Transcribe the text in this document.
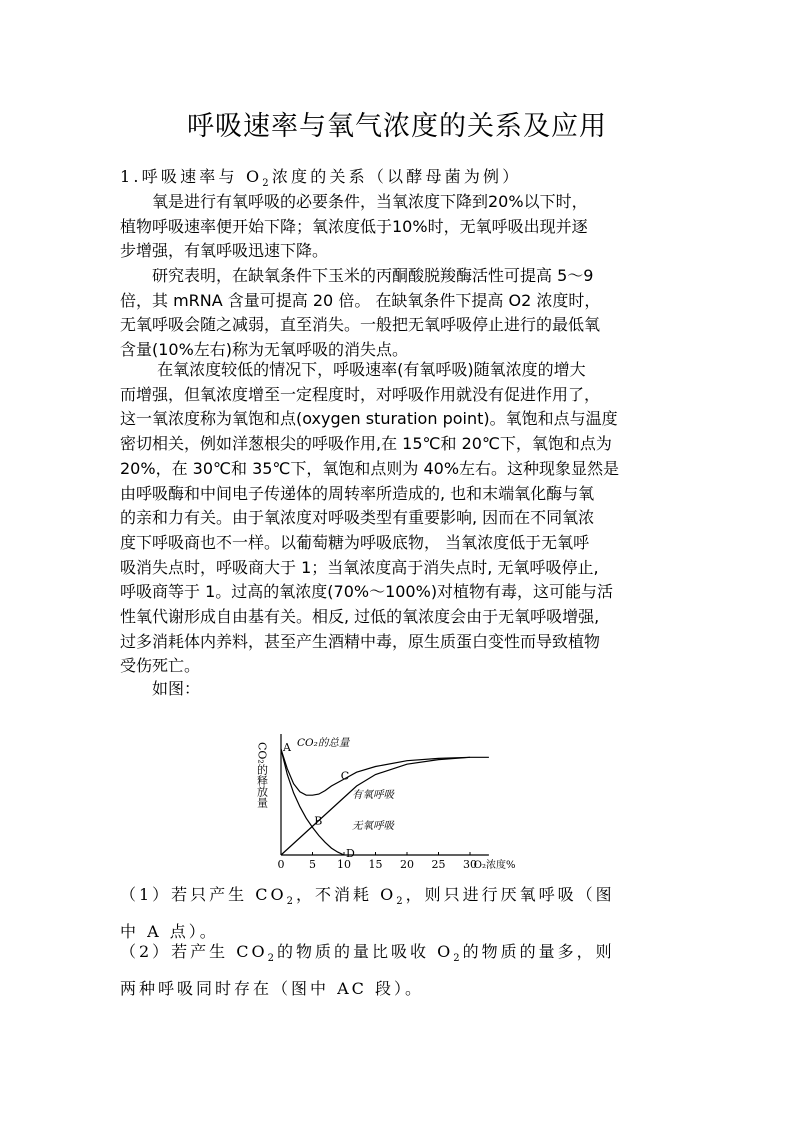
呼吸速率与氧气浓度的关系及应用
1.呼吸速率与 $O_2$浓度的关系（以酵母菌为例）
　　氧是进行有氧呼吸的必要条件，当氧浓度下降到20%以下时，
植物呼吸速率便开始下降；氧浓度低于10%时，无氧呼吸出现并逐
步增强，有氧呼吸迅速下降。
　　研究表明，在缺氧条件下玉米的丙酮酸脱羧酶活性可提高 5～9
倍，其 mRNA 含量可提高 20 倍。 在缺氧条件下提高 O2 浓度时，
无氧呼吸会随之减弱，直至消失。一般把无氧呼吸停止进行的最低氧
含量(10%左右)称为无氧呼吸的消失点。
　　 在氧浓度较低的情况下，呼吸速率(有氧呼吸)随氧浓度的增大
而增强，但氧浓度增至一定程度时，对呼吸作用就没有促进作用了，
这一氧浓度称为氧饱和点(oxygen sturation point)。氧饱和点与温度
密切相关，例如洋葱根尖的呼吸作用,在 15℃和 20℃下，氧饱和点为
20%，在 30℃和 35℃下，氧饱和点则为 40%左右。这种现象显然是
由呼吸酶和中间电子传递体的周转率所造成的, 也和末端氧化酶与氧
的亲和力有关。由于氧浓度对呼吸类型有重要影响, 因而在不同氧浓
度下呼吸商也不一样。以葡萄糖为呼吸底物， 当氧浓度低于无氧呼
吸消失点时，呼吸商大于 1；当氧浓度高于消失点时, 无氧呼吸停止,
呼吸商等于 1。过高的氧浓度(70%～100%)对植物有毒，这可能与活
性氧代谢形成自由基有关。相反, 过低的氧浓度会由于无氧呼吸增强,
过多消耗体内养料，甚至产生酒精中毒，原生质蛋白变性而导致植物
受伤死亡。
　　如图：
0 5 10 15 20 25 30
O₂浓度%
CO₂的释放量	CO₂的总量
有氧呼吸
无氧呼吸
A
B
C
D
（1）若只产生 $CO_2$，不消耗 $O_2$，则只进行厌氧呼吸（图
中 A 点）。
（2）若产生 $CO_2$的物质的量比吸收 $O_2$的物质的量多，则
两种呼吸同时存在（图中 AC 段）。
